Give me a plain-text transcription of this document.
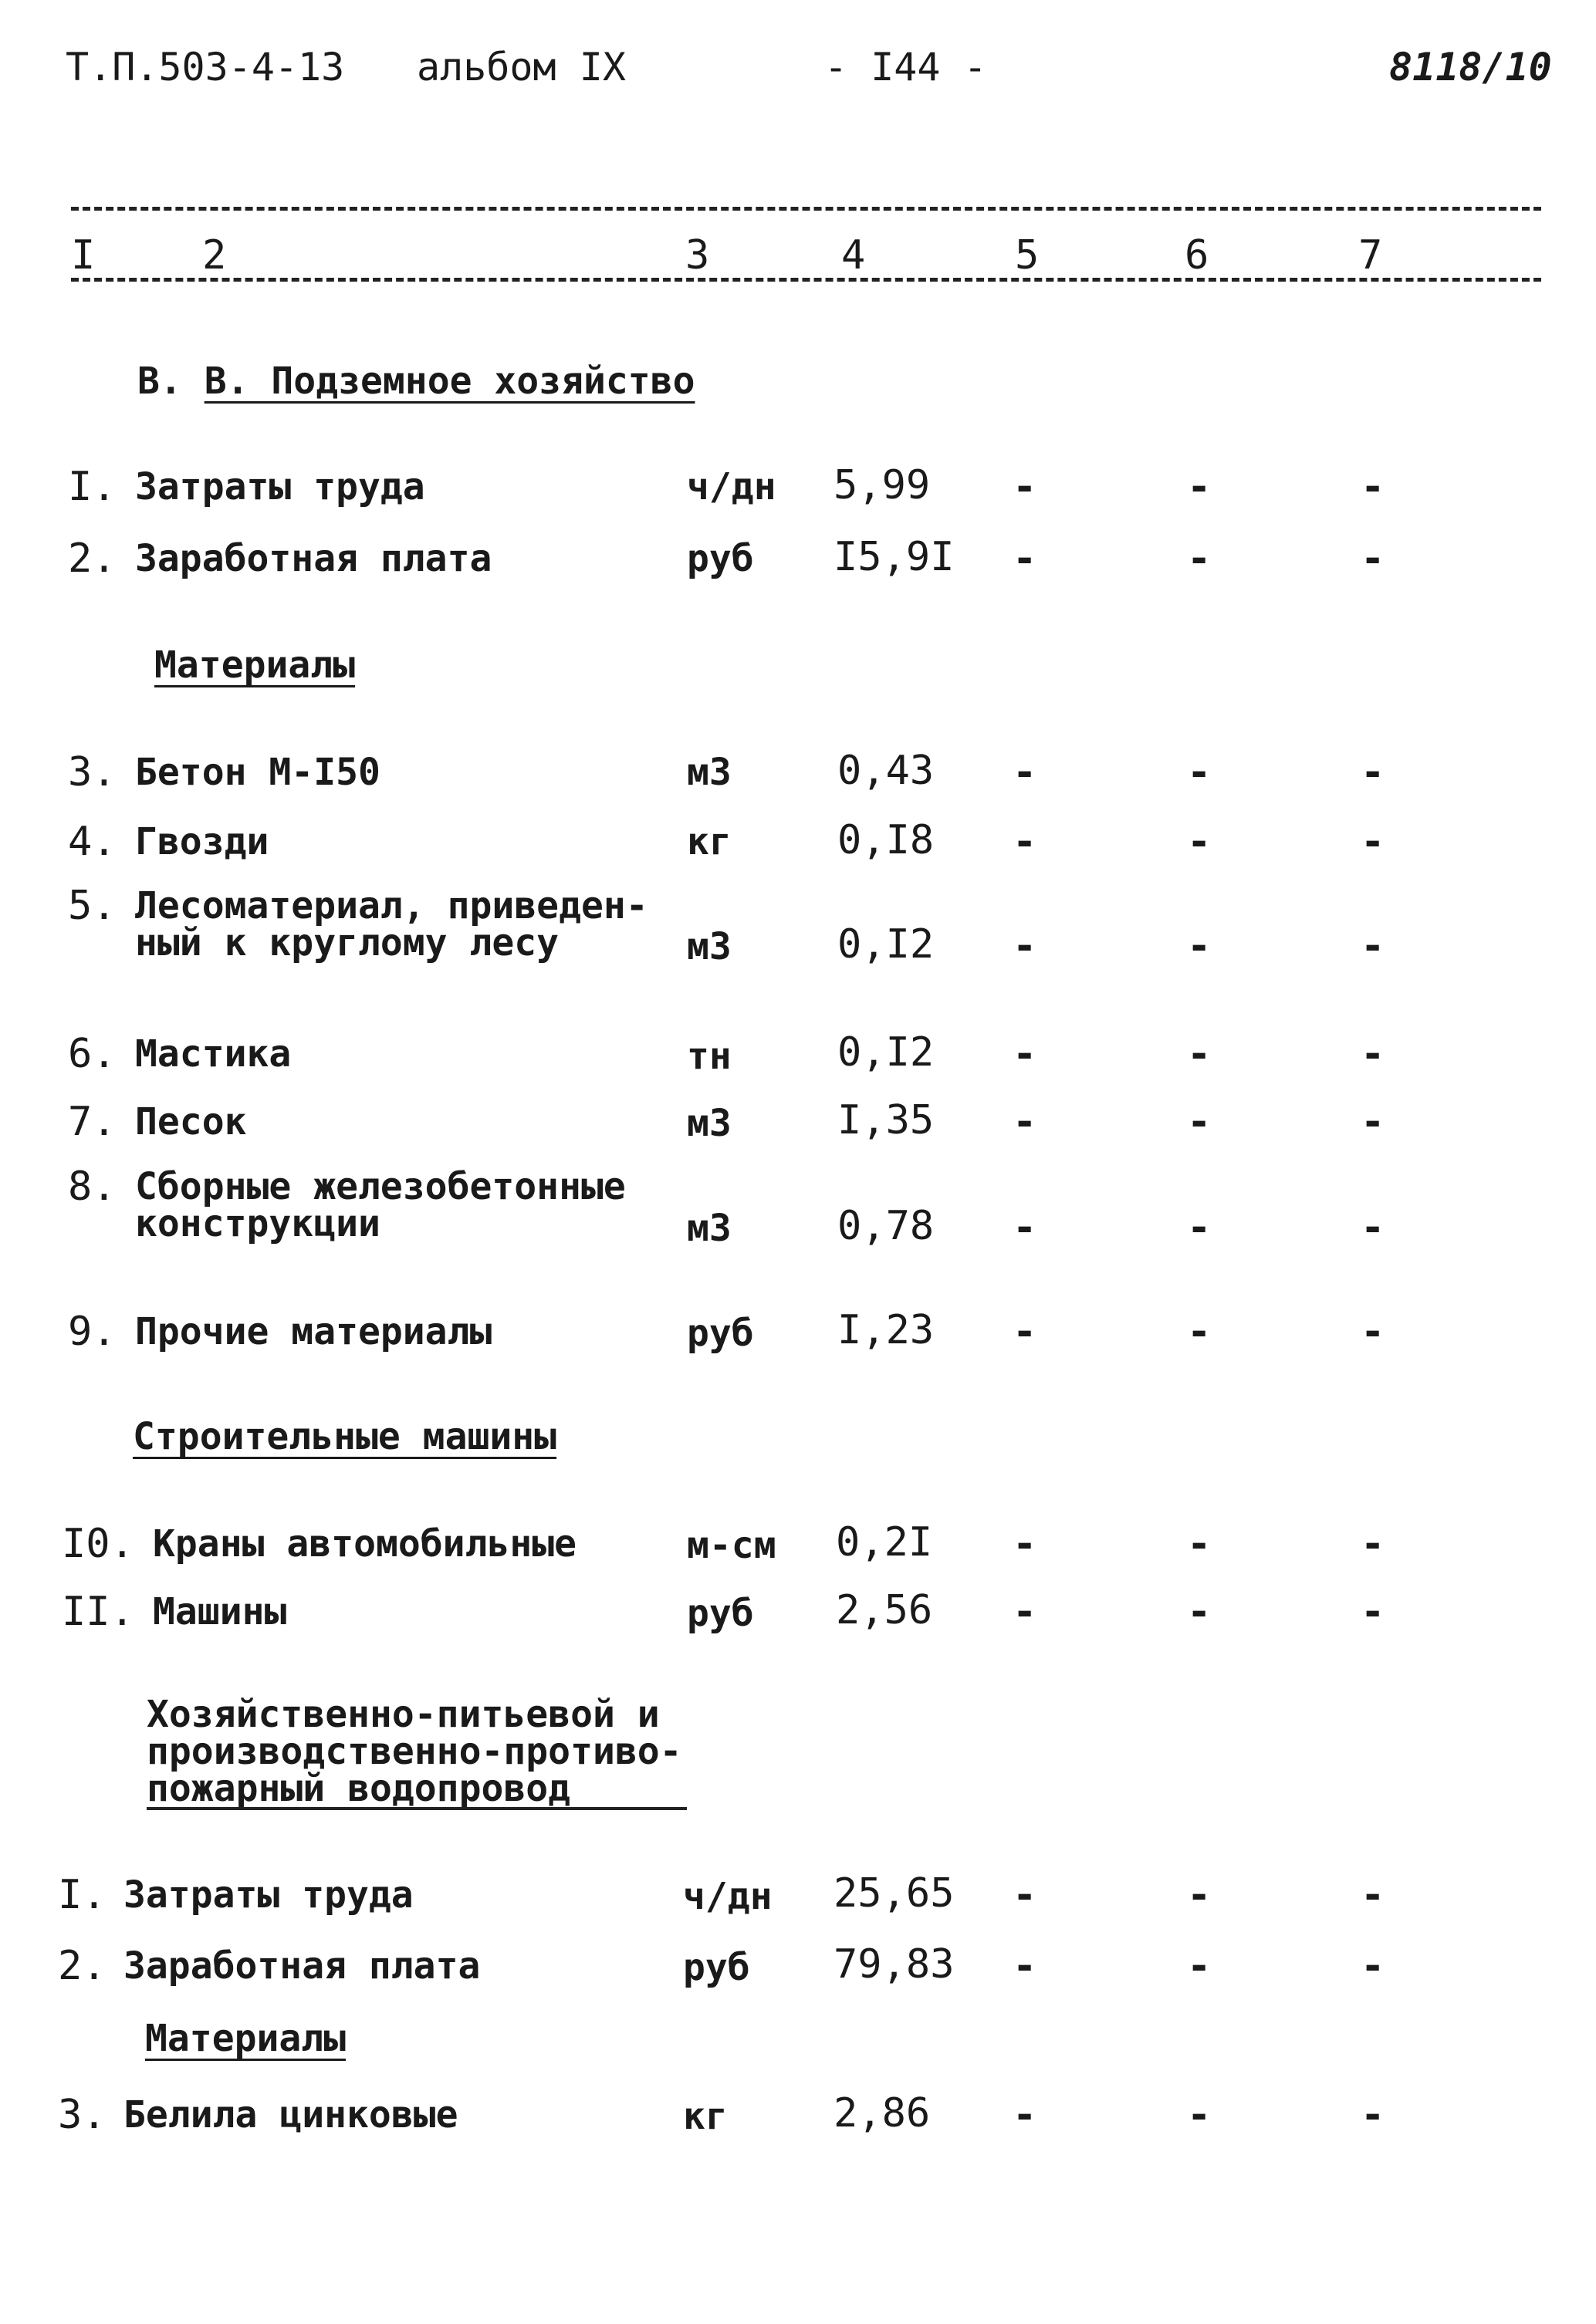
Т.П.503-4-13 альбом IX	- I44 -	8118/10
I	2	3	4	5	6	7
В. В. Подземное хозяйство
I. Затраты труда	ч/дн 5,99 -	-	-
2. Заработная плата	руб I5,9I -	-	-
Материалы
3. Бетон М-I50	м3	0,43 -	-	-
4. Гвозди	кг	0,I8 -	-	-
5. Лесоматериал, приведен-
ный к круглому лесу	м3	0,I2 -	-	-
6. Мастика	тн	0,I2 -	-	-
7. Песок	м3	I,35 -	-	-
8. Сборные железобетонные
конструкции	м3	0,78 -	-	-
9. Прочие материалы	руб I,23 -	-	-
Строительные машины
I0. Краны автомобильные	м-см 0,2I -	-	-
II. Машины	руб 2,56 -	-	-
Хозяйственно-питьевой и
производственно-противо-
пожарный водопровод
I. Затраты труда	ч/дн 25,65 -	-	-
2. Заработная плата	руб 79,83 -	-	-
Материалы
3. Белила цинковые	кг	2,86 -	-	-
